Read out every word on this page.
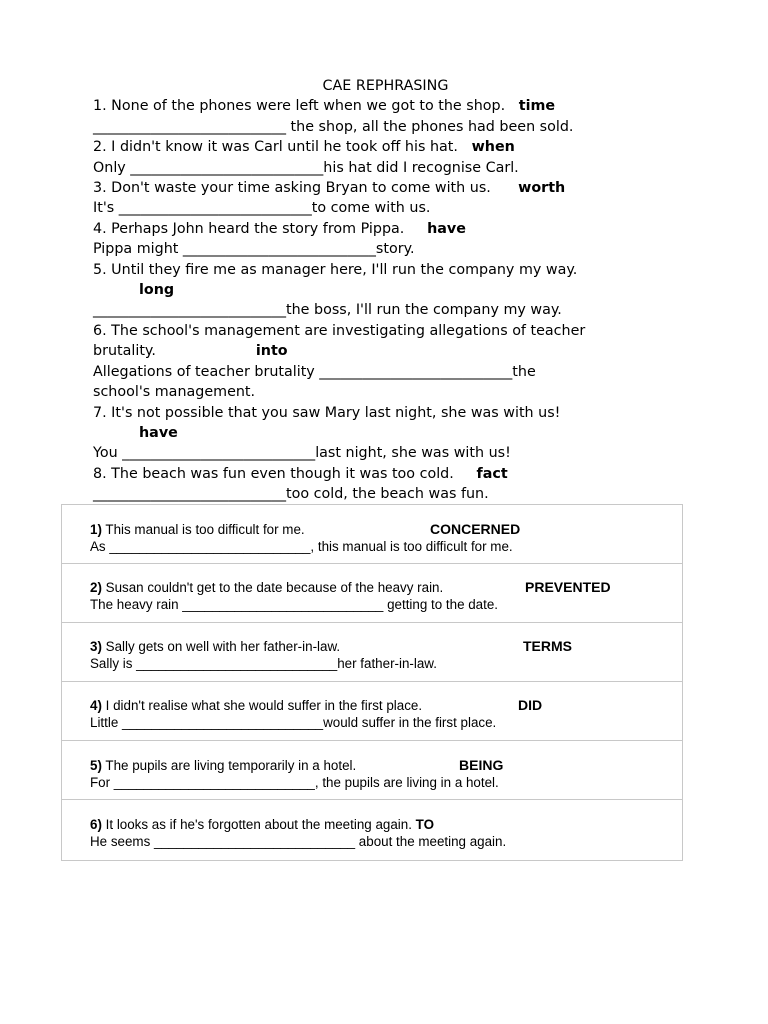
CAE REPHRASING
1. None of the phones were left when we got to the shop. time
___________________________ the shop, all the phones had been sold.
2. I didn't know it was Carl until he took off his hat. when
Only ___________________________his hat did I recognise Carl.
3. Don't waste your time asking Bryan to come with us. worth
It's ___________________________to come with us.
4. Perhaps John heard the story from Pippa. have
Pippa might ___________________________story.
5. Until they fire me as manager here, I'll run the company my way.
long
___________________________the boss, I'll run the company my way.
6. The school's management are investigating allegations of teacher
brutality.	into
Allegations of teacher brutality ___________________________the
school's management.
7. It's not possible that you saw Mary last night, she was with us!
have
You ___________________________last night, she was with us!
8. The beach was fun even though it was too cold. fact
___________________________too cold, the beach was fun.
1) This manual is too difficult for me.	CONCERNED
As ___________________________, this manual is too difficult for me.
2) Susan couldn't get to the date because of the heavy rain.	PREVENTED
The heavy rain ___________________________ getting to the date.
3) Sally gets on well with her father-in-law.	TERMS
Sally is ___________________________her father-in-law.
4) I didn't realise what she would suffer in the first place.	DID
Little ___________________________would suffer in the first place.
5) The pupils are living temporarily in a hotel.	BEING
For ___________________________, the pupils are living in a hotel.
6) It looks as if he's forgotten about the meeting again. TO
He seems ___________________________ about the meeting again.
